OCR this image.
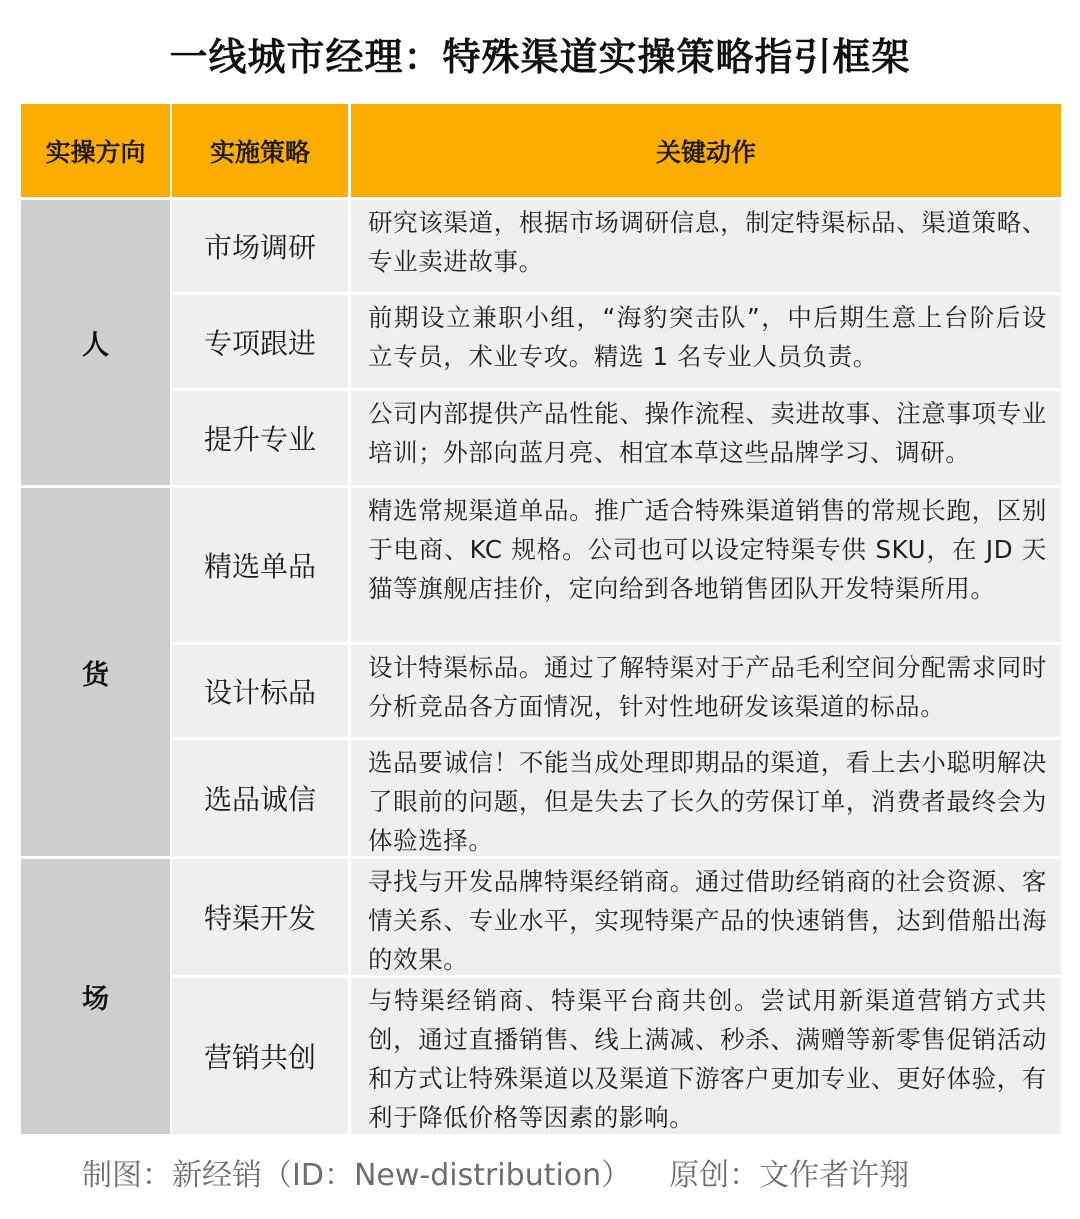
一线城市经理：特殊渠道实操策略指引框架
实操方向	实施策略	关键动作
人
市场调研
研究该渠道，根据市场调研信息，制定特渠标品、渠道策略、专业卖进故事。
专项跟进
前期设立兼职小组，“海豹突击队”，中后期生意上台阶后设立专员，术业专攻。精选 1 名专业人员负责。
提升专业
公司内部提供产品性能、操作流程、卖进故事、注意事项专业培训；外部向蓝月亮、相宜本草这些品牌学习、调研。
货
精选单品
精选常规渠道单品。推广适合特殊渠道销售的常规长跑，区别于电商、KC 规格。公司也可以设定特渠专供 SKU，在 JD 天猫等旗舰店挂价，定向给到各地销售团队开发特渠所用。
设计标品
设计特渠标品。通过了解特渠对于产品毛利空间分配需求同时分析竞品各方面情况，针对性地研发该渠道的标品。
选品诚信
选品要诚信！不能当成处理即期品的渠道，看上去小聪明解决了眼前的问题，但是失去了长久的劳保订单，消费者最终会为体验选择。
场
特渠开发
寻找与开发品牌特渠经销商。通过借助经销商的社会资源、客情关系、专业水平，实现特渠产品的快速销售，达到借船出海的效果。
营销共创
与特渠经销商、特渠平台商共创。尝试用新渠道营销方式共创，通过直播销售、线上满减、秒杀、满赠等新零售促销活动和方式让特殊渠道以及渠道下游客户更加专业、更好体验，有利于降低价格等因素的影响。
制图：新经销（ID：New-distribution） 原创：文作者许翔
